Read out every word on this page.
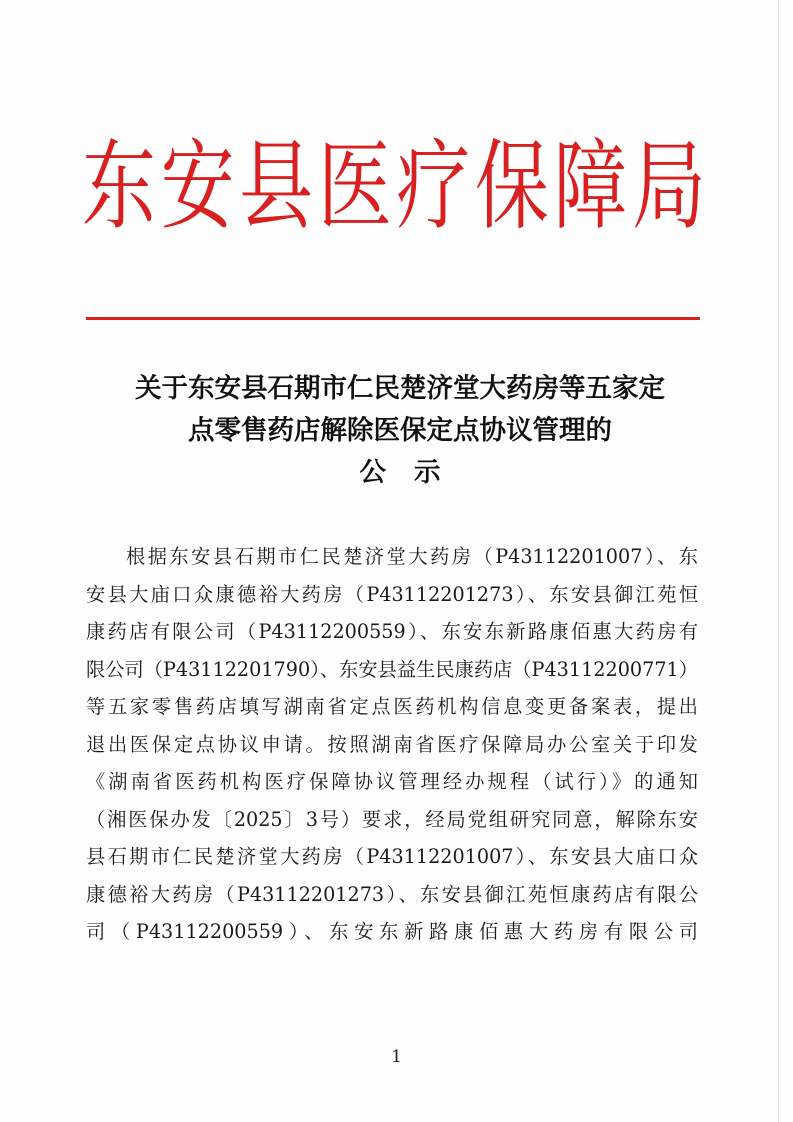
东 安 县 医 疗 保 障 局
关于东安县石期市仁民楚济堂大药房等五家定
点零售药店解除医保定点协议管理的
公示
根据东安县石期市仁民楚济堂大药房（P43112201007）、东
安县大庙口众康德裕大药房（P43112201273）、东安县御江苑恒
康药店有限公司（P43112200559）、东安东新路康佰惠大药房有
限公司（P43112201790）、东安县益生民康药店（P43112200771）
等五家零售药店填写湖南省定点医药机构信息变更备案表，提出
退出医保定点协议申请。按照湖南省医疗保障局办公室关于印发
《湖南省医药机构医疗保障协议管理经办规程（试行）》的通知
（湘医保办发〔2025〕3号）要求，经局党组研究同意，解除东安
县石期市仁民楚济堂大药房（P43112201007）、东安县大庙口众
康德裕大药房（P43112201273）、东安县御江苑恒康药店有限公
司（P43112200559）、东安东新路康佰惠大药房有限公司
1
